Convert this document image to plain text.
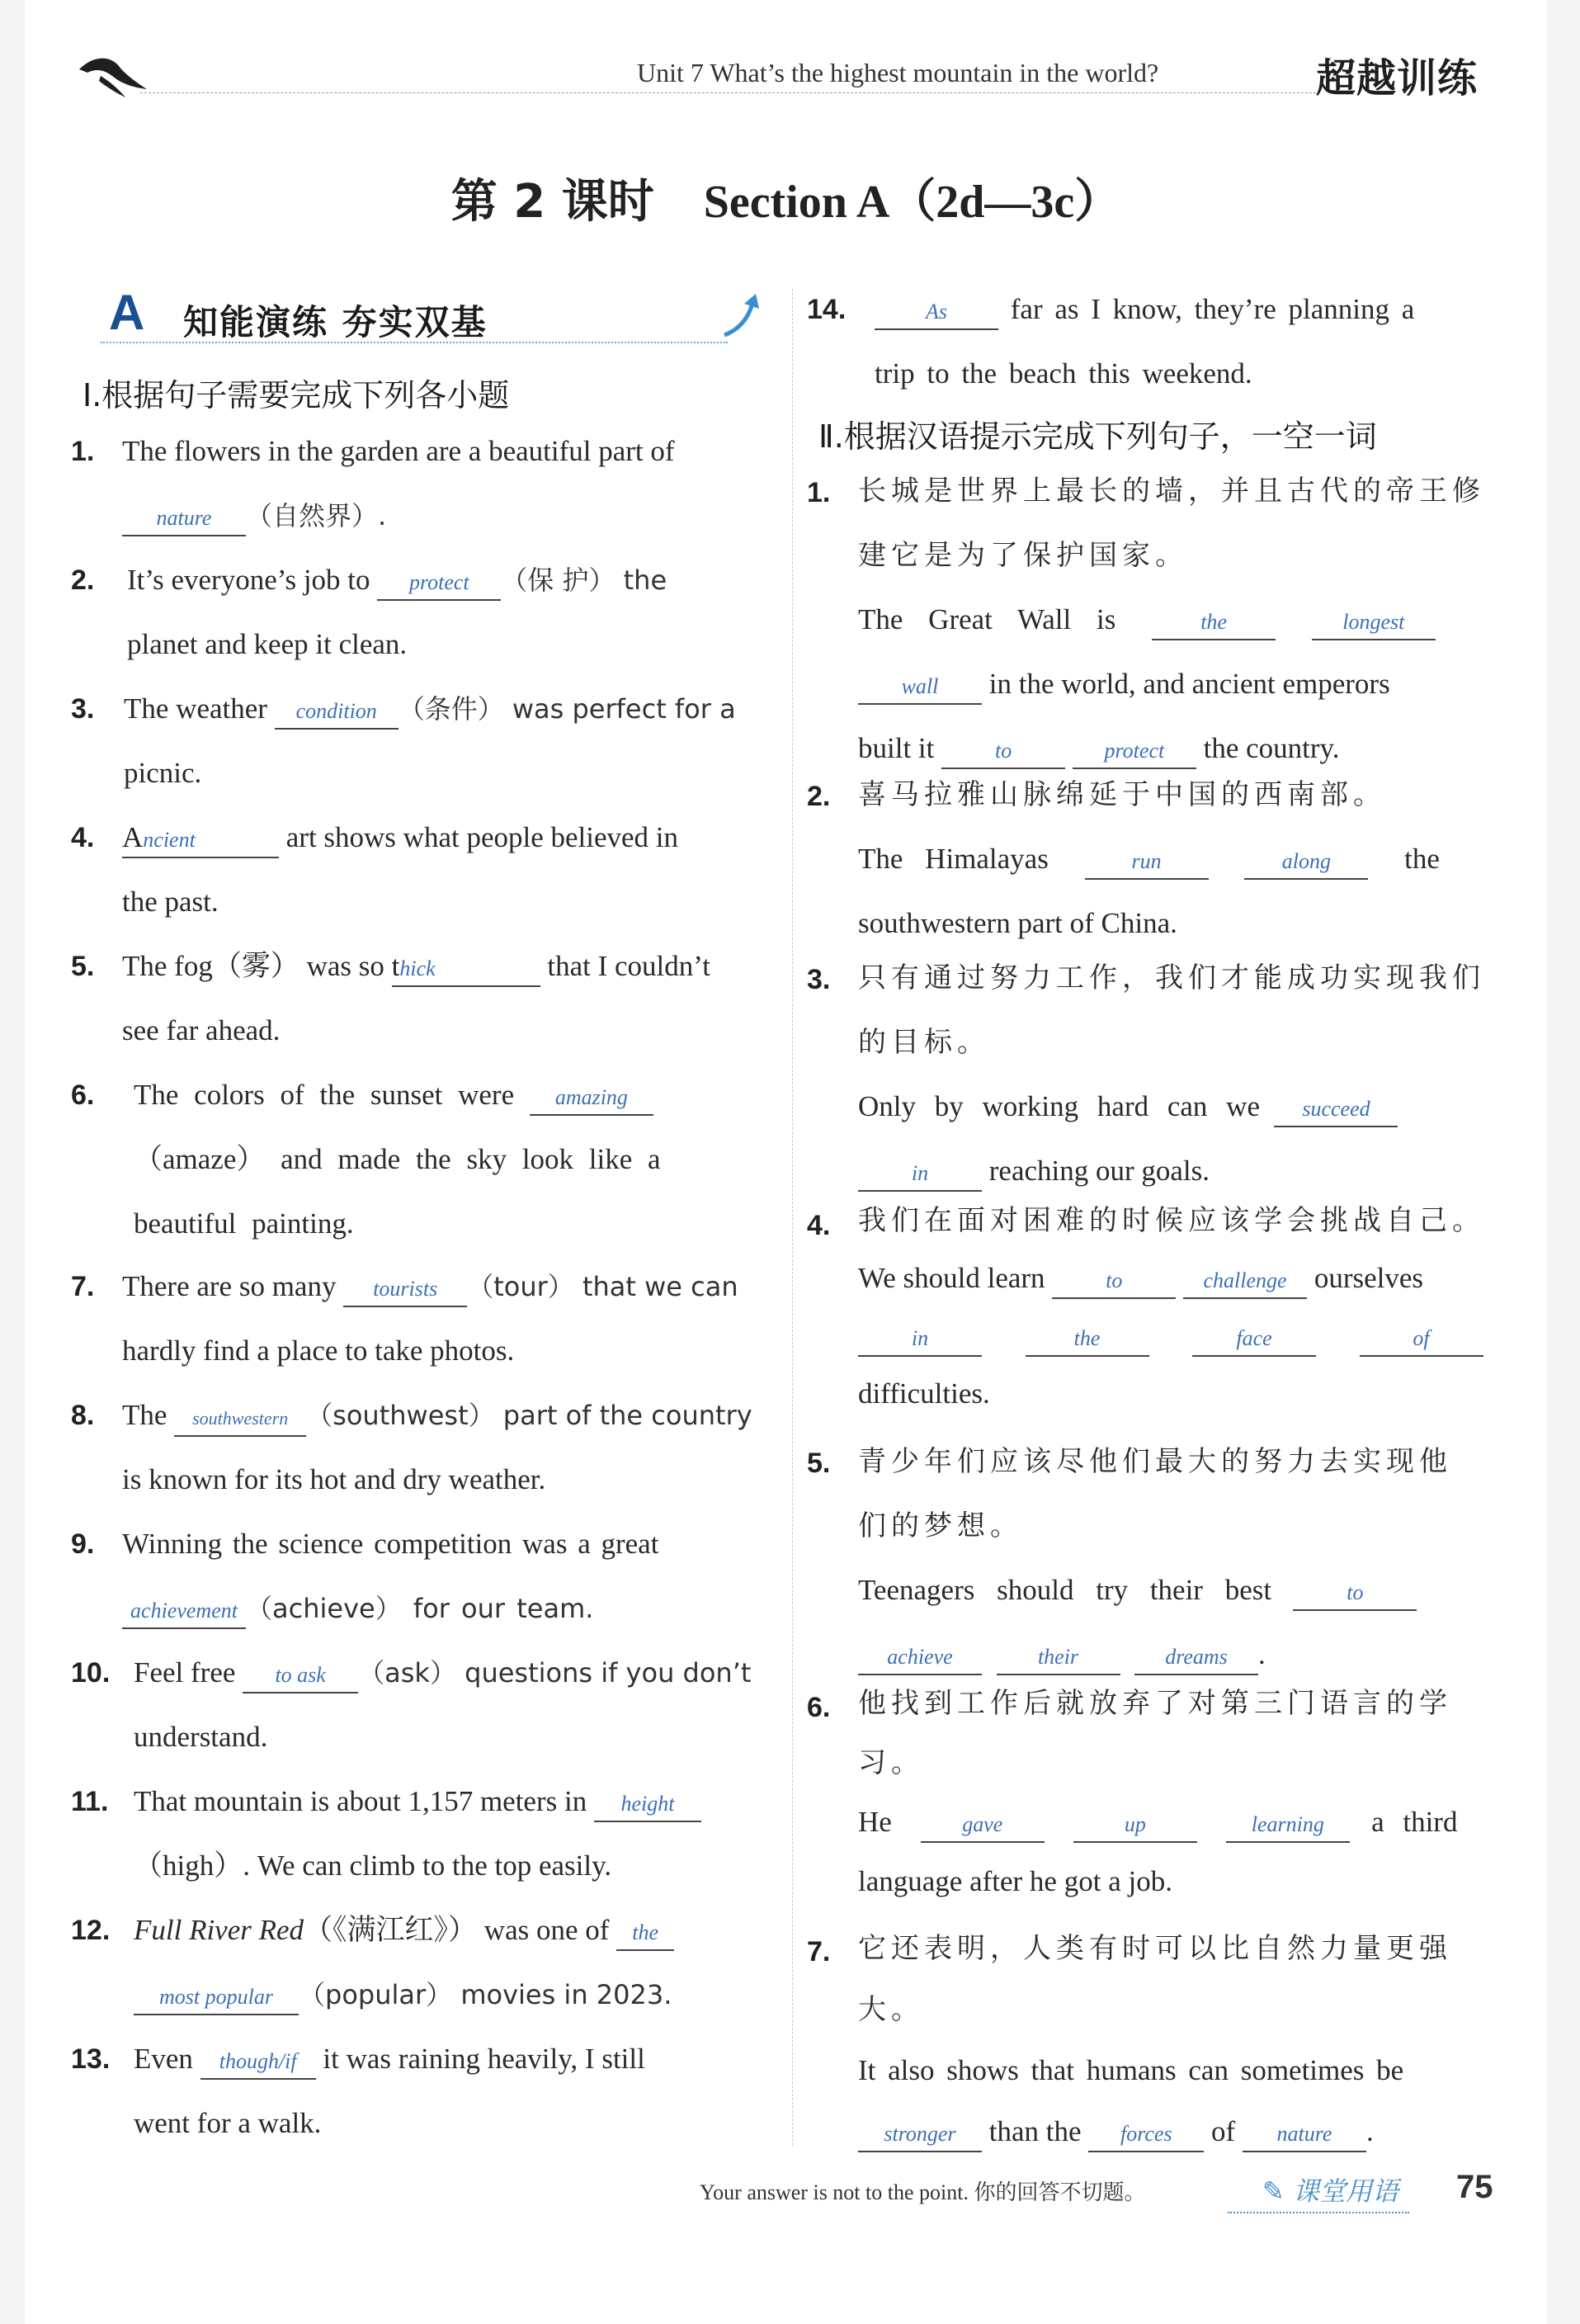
Unit 7 What’s the highest mountain in the world?	超越训练
第 2 课时 Section A（2d—3c）
A 知能演练 夯实双基
Ⅰ.根据句子需要完成下列各小题
1. The flowers in the garden are a beautiful part of
nature （自然界）.
2. It’s everyone’s job to protect （保 护） the
planet and keep it clean.
3. The weather condition （条件） was perfect for a
picnic.
4. Ancient	art shows what people believed in
the past.
5. The fog（雾） was so thick	that I couldn’t
see far ahead.
6. The colors of the sunset were amazing （amaze） and made the sky look like a
beautiful painting.
7. There are so many tourists （tour） that we can
hardly find a place to take photos.
8. The southwestern （southwest） part of the country
is known for its hot and dry weather.
9. Winning the science competition was a great
achievement （achieve） for our team.
10. Feel free to ask （ask） questions if you don’t
understand.
11. That mountain is about 1,157 meters in height
（high）. We can climb to the top easily.
12. Full River Red（《满江红》） was one of the
most popular （popular） movies in 2023.
13. Even though/if it was raining heavily, I still
went for a walk.
14.	As far as I know, they’re planning a
trip to the beach this weekend.
Ⅱ.根据汉语提示完成下列句子，一空一词
1. 长城是世界上最长的墙，并且古代的帝王修
建它是为了保护国家。
The Great Wall is	the	longest
wall in the world, and ancient emperors
built it	to	protect the country.
2. 喜马拉雅山脉绵延于中国的西南部。
The Himalayas	run	along	the
southwestern part of China.
3. 只有通过努力工作，我们才能成功实现我们
的目标。
Only by working hard can we succeed
in reaching our goals.
4. 我们在面对困难的时候应该学会挑战自己。
We should learn	to	challenge ourselves
in	the	face	of
difficulties.
5. 青少年们应该尽他们最大的努力去实现他
们的梦想。
Teenagers should try their best	to
achieve	their	dreams .
6. 他找到工作后就放弃了对第三门语言的学
习。
He	gave	up	learning a third
language after he got a job.
7. 它还表明，人类有时可以比自然力量更强
大。
It also shows that humans can sometimes be
stronger than the forces of nature .
Your answer is not to the point. 你的回答不切题。	✎ 课堂用语 75
